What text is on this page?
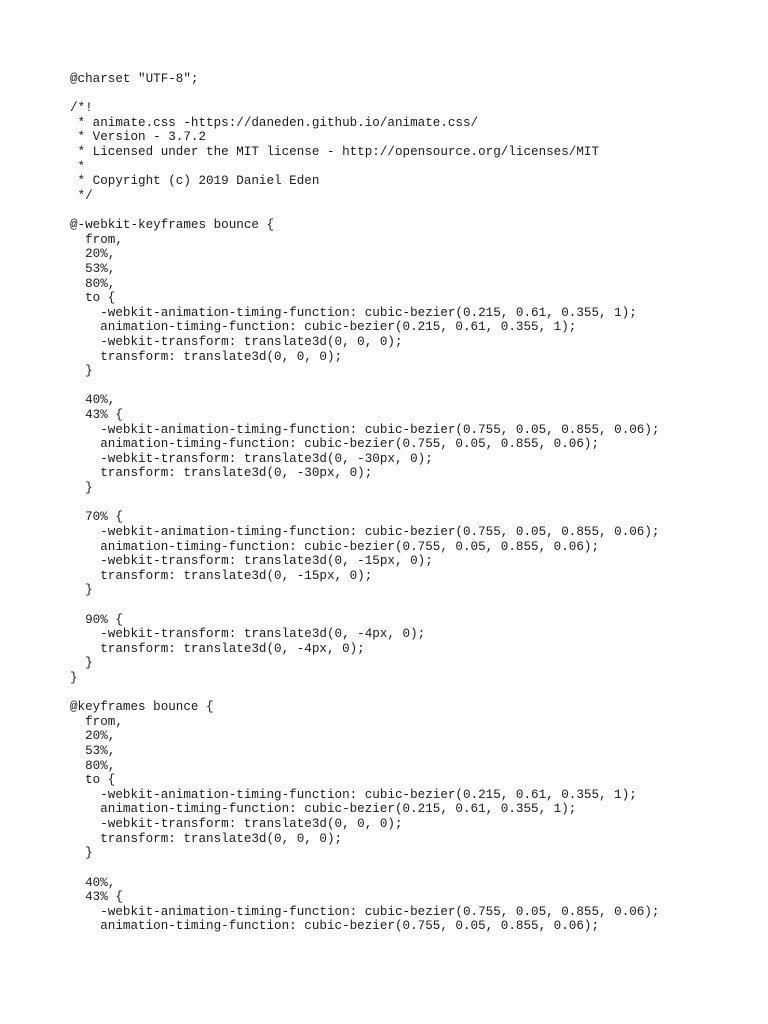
@charset "UTF-8";
/*!
* animate.css -https://daneden.github.io/animate.css/
* Version - 3.7.2
* Licensed under the MIT license - http://opensource.org/licenses/MIT
*
* Copyright (c) 2019 Daniel Eden
*/
@-webkit-keyframes bounce {
from,
20%,
53%,
80%,
to {
-webkit-animation-timing-function: cubic-bezier(0.215, 0.61, 0.355, 1);
animation-timing-function: cubic-bezier(0.215, 0.61, 0.355, 1);
-webkit-transform: translate3d(0, 0, 0);
transform: translate3d(0, 0, 0);
}
40%,
43% {
-webkit-animation-timing-function: cubic-bezier(0.755, 0.05, 0.855, 0.06);
animation-timing-function: cubic-bezier(0.755, 0.05, 0.855, 0.06);
-webkit-transform: translate3d(0, -30px, 0);
transform: translate3d(0, -30px, 0);
}
70% {
-webkit-animation-timing-function: cubic-bezier(0.755, 0.05, 0.855, 0.06);
animation-timing-function: cubic-bezier(0.755, 0.05, 0.855, 0.06);
-webkit-transform: translate3d(0, -15px, 0);
transform: translate3d(0, -15px, 0);
}
90% {
-webkit-transform: translate3d(0, -4px, 0);
transform: translate3d(0, -4px, 0);
}
}
@keyframes bounce {
from,
20%,
53%,
80%,
to {
-webkit-animation-timing-function: cubic-bezier(0.215, 0.61, 0.355, 1);
animation-timing-function: cubic-bezier(0.215, 0.61, 0.355, 1);
-webkit-transform: translate3d(0, 0, 0);
transform: translate3d(0, 0, 0);
}
40%,
43% {
-webkit-animation-timing-function: cubic-bezier(0.755, 0.05, 0.855, 0.06);
animation-timing-function: cubic-bezier(0.755, 0.05, 0.855, 0.06);
